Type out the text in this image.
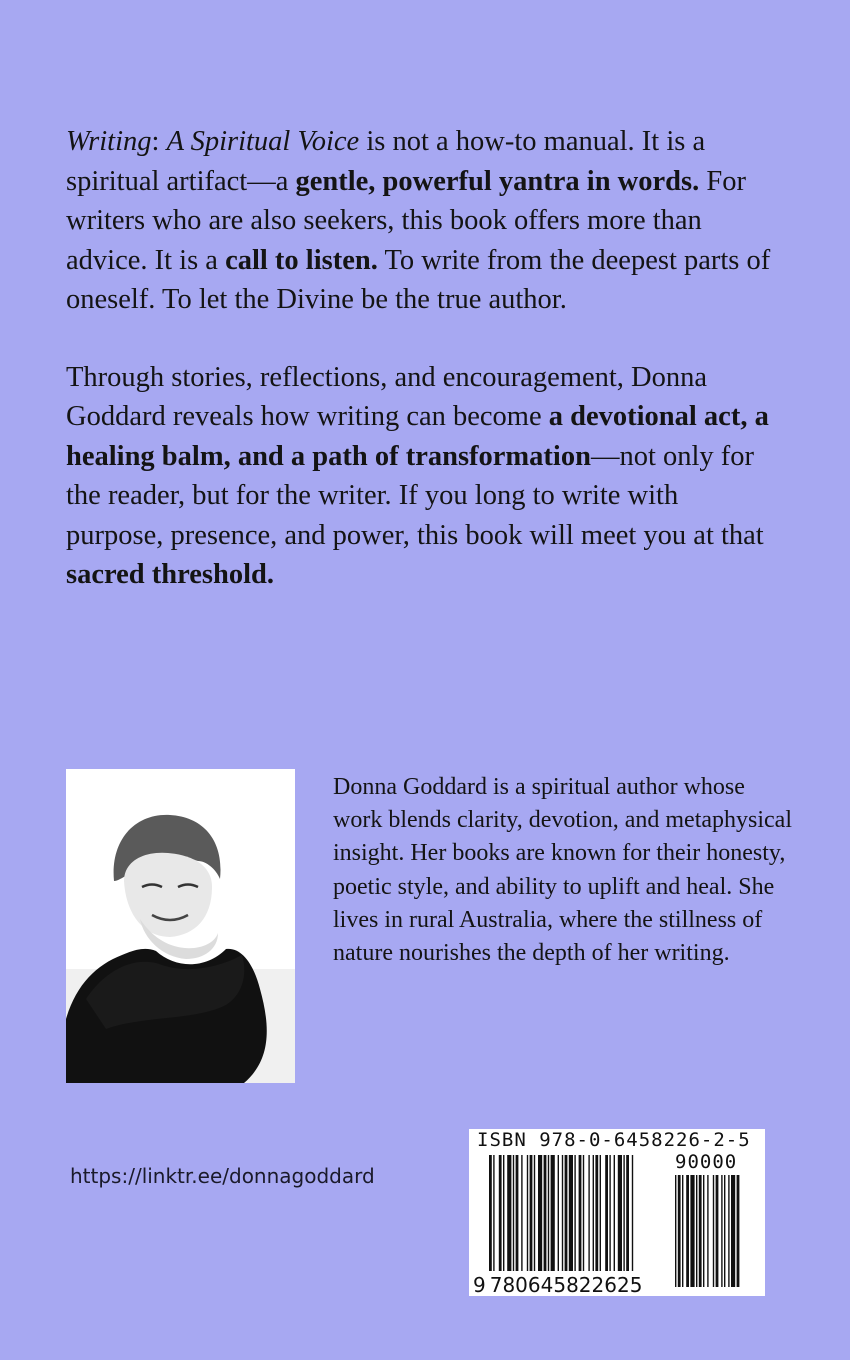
Writing: A Spiritual Voice is not a how-to manual. It is a spiritual artifact—a gentle, powerful yantra in words. For writers who are also seekers, this book offers more than advice. It is a call to listen. To write from the deepest parts of oneself. To let the Divine be the true author.

Through stories, reflections, and encouragement, Donna Goddard reveals how writing can become a devotional act, a healing balm, and a path of transformation—not only for the reader, but for the writer. If you long to write with purpose, presence, and power, this book will meet you at that sacred threshold.

Donna Goddard is a spiritual author whose work blends clarity, devotion, and metaphysical insight. Her books are known for their honesty, poetic style, and ability to uplift and heal. She lives in rural Australia, where the stillness of nature nourishes the depth of her writing.

https://linktr.ee/donnagoddard
ISBN 978-0-6458226-2-5
90000
9 780645822625
